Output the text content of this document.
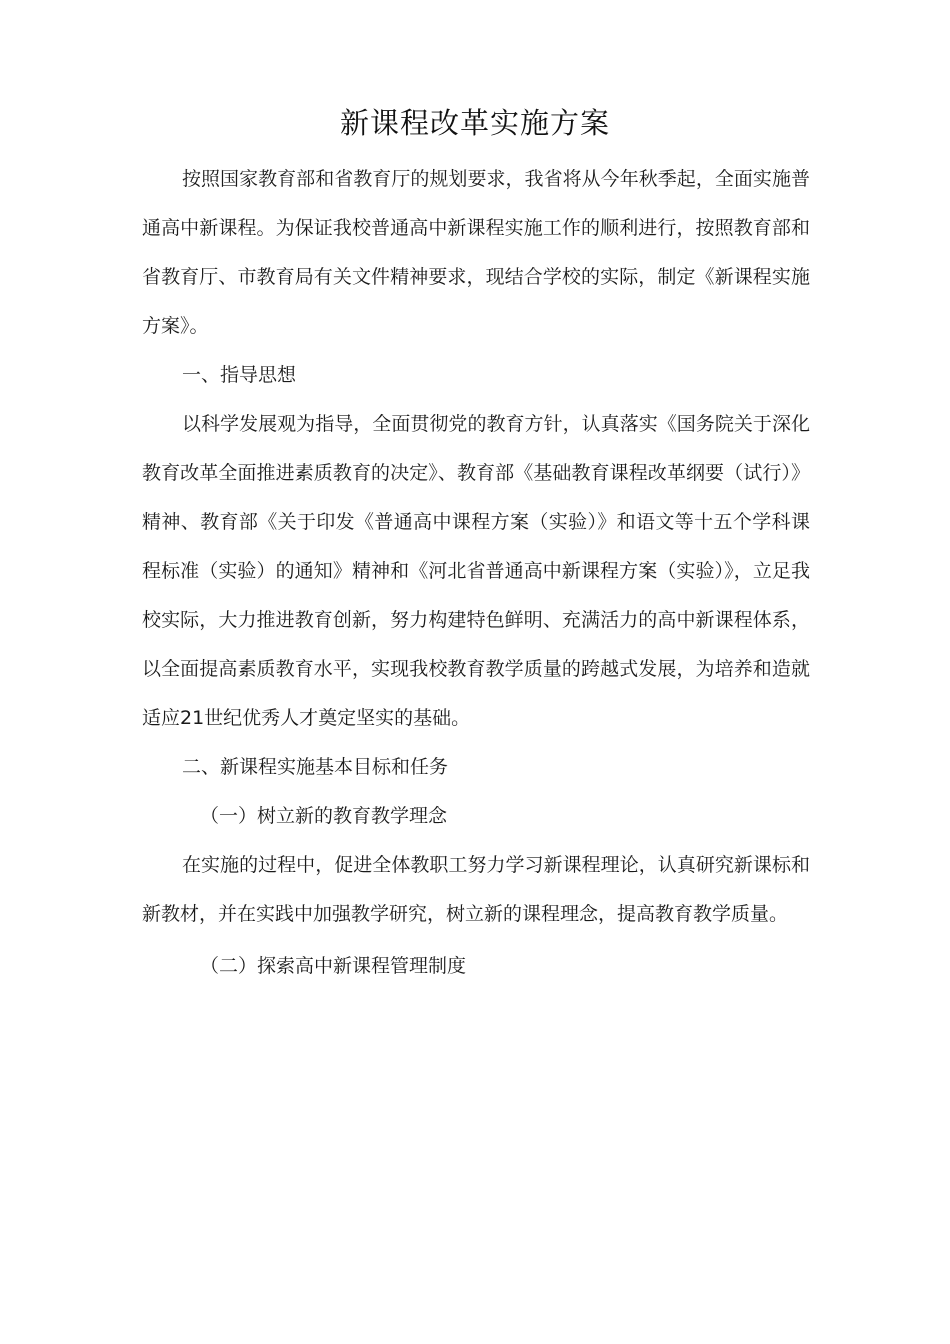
新课程改革实施方案

按照国家教育部和省教育厅的规划要求，我省将从今年秋季起，全面实施普通高中新课程。为保证我校普通高中新课程实施工作的顺利进行，按照教育部和省教育厅、市教育局有关文件精神要求，现结合学校的实际，制定《新课程实施方案》。

一、指导思想

以科学发展观为指导，全面贯彻党的教育方针，认真落实《国务院关于深化教育改革全面推进素质教育的决定》、教育部《基础教育课程改革纲要（试行）》精神、教育部《关于印发《普通高中课程方案（实验）》和语文等十五个学科课程标准（实验）的通知》精神和《河北省普通高中新课程方案（实验）》，立足我校实际，大力推进教育创新，努力构建特色鲜明、充满活力的高中新课程体系，以全面提高素质教育水平，实现我校教育教学质量的跨越式发展，为培养和造就适应21世纪优秀人才奠定坚实的基础。

二、新课程实施基本目标和任务

（一）树立新的教育教学理念

在实施的过程中，促进全体教职工努力学习新课程理论，认真研究新课标和新教材，并在实践中加强教学研究，树立新的课程理念，提高教育教学质量。

（二）探索高中新课程管理制度
